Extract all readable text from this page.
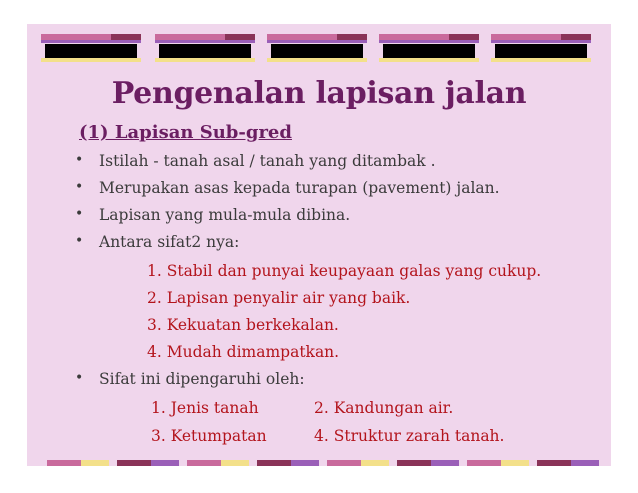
Pengenalan lapisan jalan
(1) Lapisan Sub-gred
• Istilah - tanah asal / tanah yang ditambak .
• Merupakan asas kepada turapan (pavement) jalan.
• Lapisan yang mula-mula dibina.
• Antara sifat2 nya:
1. Stabil dan punyai keupayaan galas yang cukup.
2. Lapisan penyalir air yang baik.
3. Kekuatan berkekalan.
4. Mudah dimampatkan.
• Sifat ini dipengaruhi oleh:
1. Jenis tanah	2. Kandungan air.
3. Ketumpatan	4. Struktur zarah tanah.
